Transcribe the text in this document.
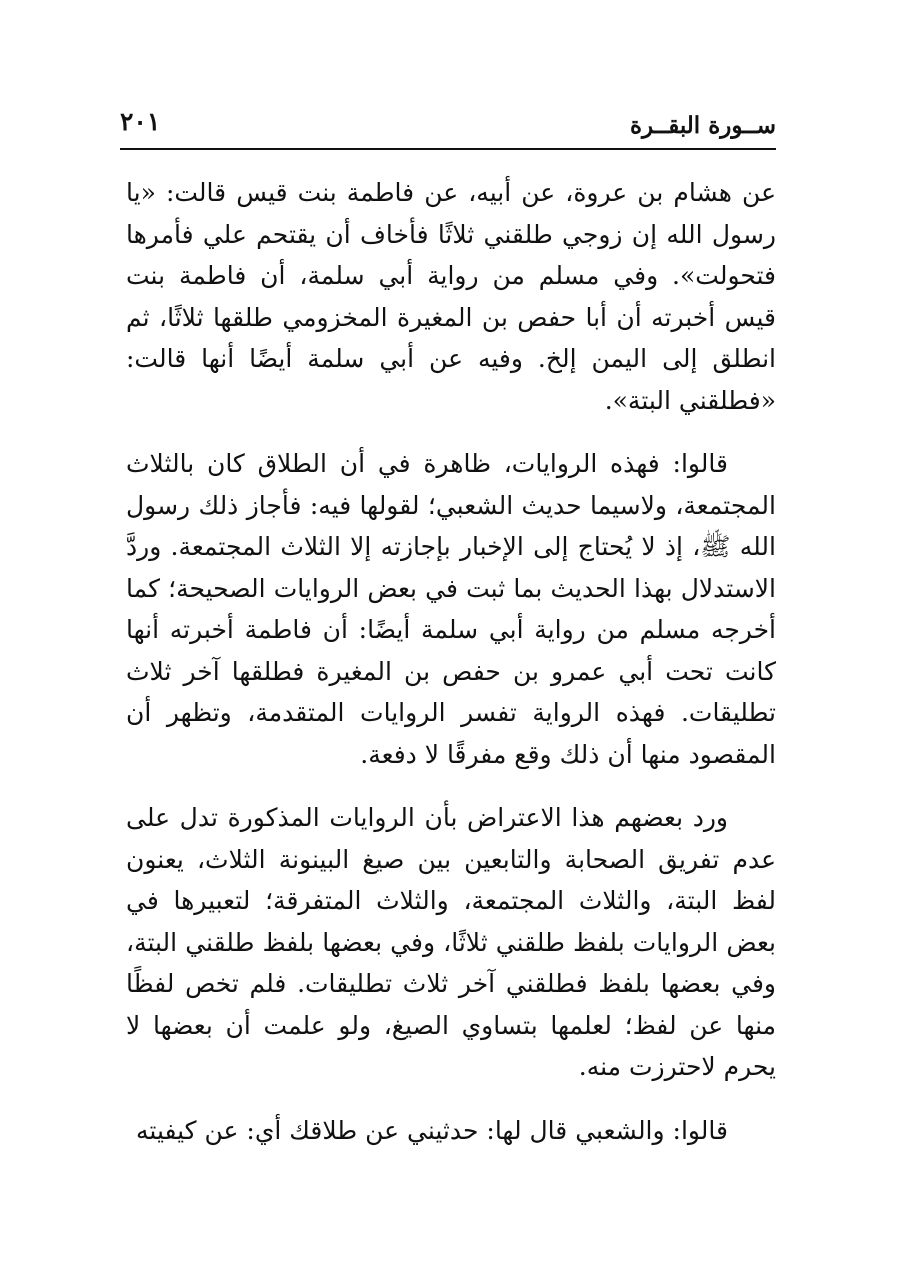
ســورة البقــرة
٢٠١

عن هشام بن عروة، عن أبيه، عن فاطمة بنت قيس قالت: «يا رسول الله إن زوجي طلقني ثلاثًا فأخاف أن يقتحم علي فأمرها فتحولت». وفي مسلم من رواية أبي سلمة، أن فاطمة بنت قيس أخبرته أن أبا حفص بن المغيرة المخزومي طلقها ثلاثًا، ثم انطلق إلى اليمن إلخ. وفيه عن أبي سلمة أيضًا أنها قالت: «فطلقني البتة».

قالوا: فهذه الروايات، ظاهرة في أن الطلاق كان بالثلاث المجتمعة، ولاسيما حديث الشعبي؛ لقولها فيه: فأجاز ذلك رسول الله ﷺ، إذ لا يُحتاج إلى الإخبار بإجازته إلا الثلاث المجتمعة. وردَّ الاستدلال بهذا الحديث بما ثبت في بعض الروايات الصحيحة؛ كما أخرجه مسلم من رواية أبي سلمة أيضًا: أن فاطمة أخبرته أنها كانت تحت أبي عمرو بن حفص بن المغيرة فطلقها آخر ثلاث تطليقات. فهذه الرواية تفسر الروايات المتقدمة، وتظهر أن المقصود منها أن ذلك وقع مفرقًا لا دفعة.

ورد بعضهم هذا الاعتراض بأن الروايات المذكورة تدل على عدم تفريق الصحابة والتابعين بين صيغ البينونة الثلاث، يعنون لفظ البتة، والثلاث المجتمعة، والثلاث المتفرقة؛ لتعبيرها في بعض الروايات بلفظ طلقني ثلاثًا، وفي بعضها بلفظ طلقني البتة، وفي بعضها بلفظ فطلقني آخر ثلاث تطليقات. فلم تخص لفظًا منها عن لفظ؛ لعلمها بتساوي الصيغ، ولو علمت أن بعضها لا يحرم لاحترزت منه.

قالوا: والشعبي قال لها: حدثيني عن طلاقك أي: عن كيفيته
